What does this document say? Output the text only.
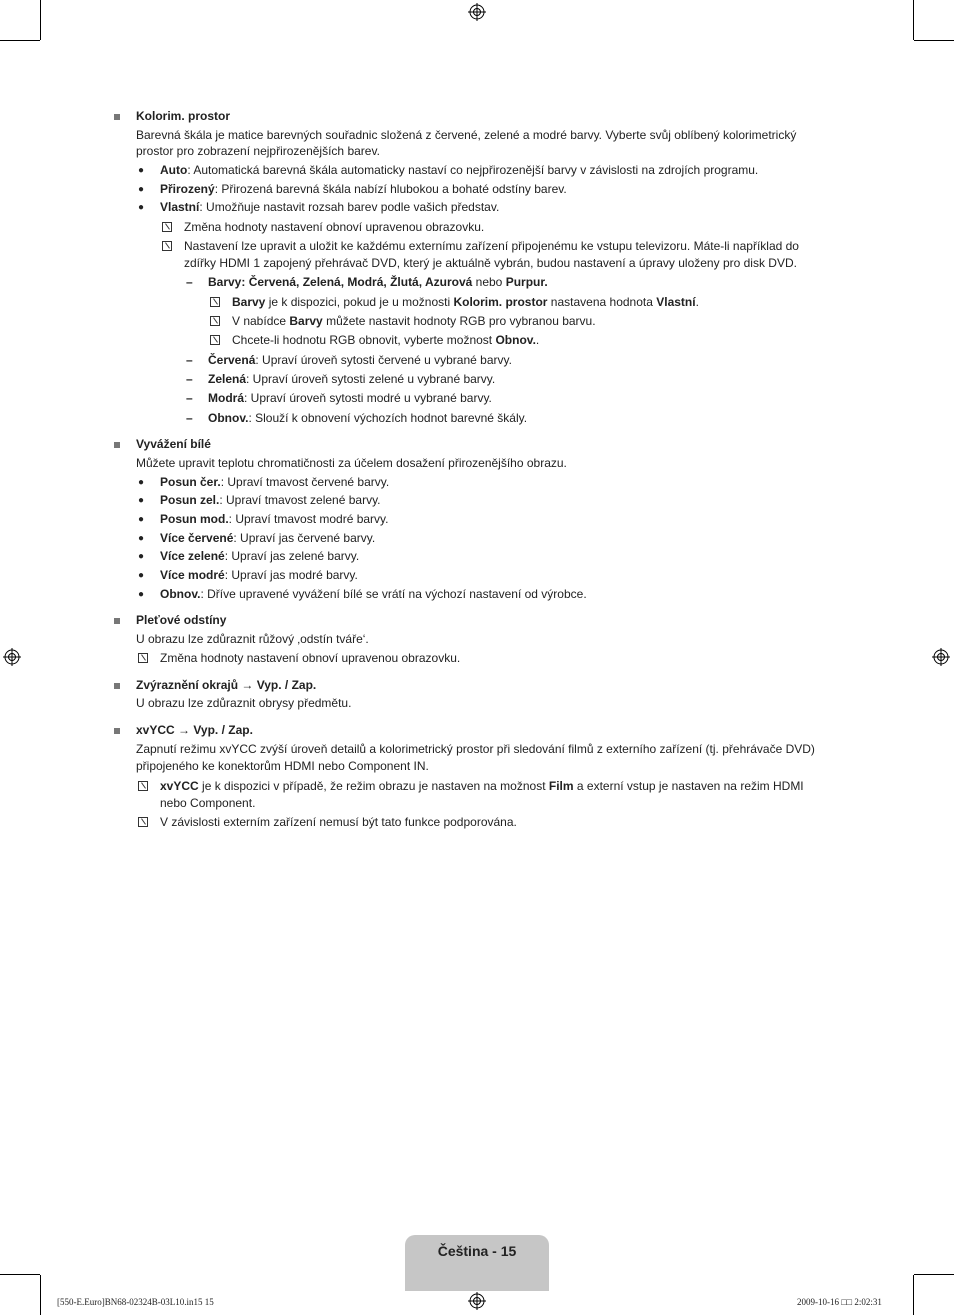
Kolorim. prostor
Barevná škála je matice barevných souřadnic složená z červené, zelené a modré barvy. Vyberte svůj oblíbený kolorimetrický
prostor pro zobrazení nejpřirozenějších barev.
● Auto: Automatická barevná škála automaticky nastaví co nejpřirozenější barvy v závislosti na zdrojích programu.
● Přirozený: Přirozená barevná škála nabízí hlubokou a bohaté odstíny barev.
● Vlastní: Umožňuje nastavit rozsah barev podle vašich představ.
Změna hodnoty nastavení obnoví upravenou obrazovku.
Nastavení lze upravit a uložit ke každému externímu zařízení připojenému ke vstupu televizoru. Máte-li například do
zdířky HDMI 1 zapojený přehrávač DVD, který je aktuálně vybrán, budou nastavení a úpravy uloženy pro disk DVD.
– Barvy: Červená, Zelená, Modrá, Žlutá, Azurová nebo Purpur.
Barvy je k dispozici, pokud je u možnosti Kolorim. prostor nastavena hodnota Vlastní.
V nabídce Barvy můžete nastavit hodnoty RGB pro vybranou barvu.
Chcete-li hodnotu RGB obnovit, vyberte možnost Obnov..
– Červená: Upraví úroveň sytosti červené u vybrané barvy.
– Zelená: Upraví úroveň sytosti zelené u vybrané barvy.
– Modrá: Upraví úroveň sytosti modré u vybrané barvy.
– Obnov.: Slouží k obnovení výchozích hodnot barevné škály.
Vyvážení bílé
Můžete upravit teplotu chromatičnosti za účelem dosažení přirozenějšího obrazu.
● Posun čer.: Upraví tmavost červené barvy.
● Posun zel.: Upraví tmavost zelené barvy.
● Posun mod.: Upraví tmavost modré barvy.
● Více červené: Upraví jas červené barvy.
● Více zelené: Upraví jas zelené barvy.
● Více modré: Upraví jas modré barvy.
● Obnov.: Dříve upravené vyvážení bílé se vrátí na výchozí nastavení od výrobce.
Pleťové odstíny
U obrazu lze zdůraznit růžový ‚odstín tváře‘.
Změna hodnoty nastavení obnoví upravenou obrazovku.
Zvýraznění okrajů → Vyp. / Zap.
U obrazu lze zdůraznit obrysy předmětu.
xvYCC → Vyp. / Zap.
Zapnutí režimu xvYCC zvýší úroveň detailů a kolorimetrický prostor při sledování filmů z externího zařízení (tj. přehrávače DVD)
připojeného ke konektorům HDMI nebo Component IN.
xvYCC je k dispozici v případě, že režim obrazu je nastaven na možnost Film a externí vstup je nastaven na režim HDMI
nebo Component.
V závislosti externím zařízení nemusí být tato funkce podporována.
Čeština - 15
[550-E.Euro]BN68-02324B-03L10.in15 15	2009-10-16 □□ 2:02:31
